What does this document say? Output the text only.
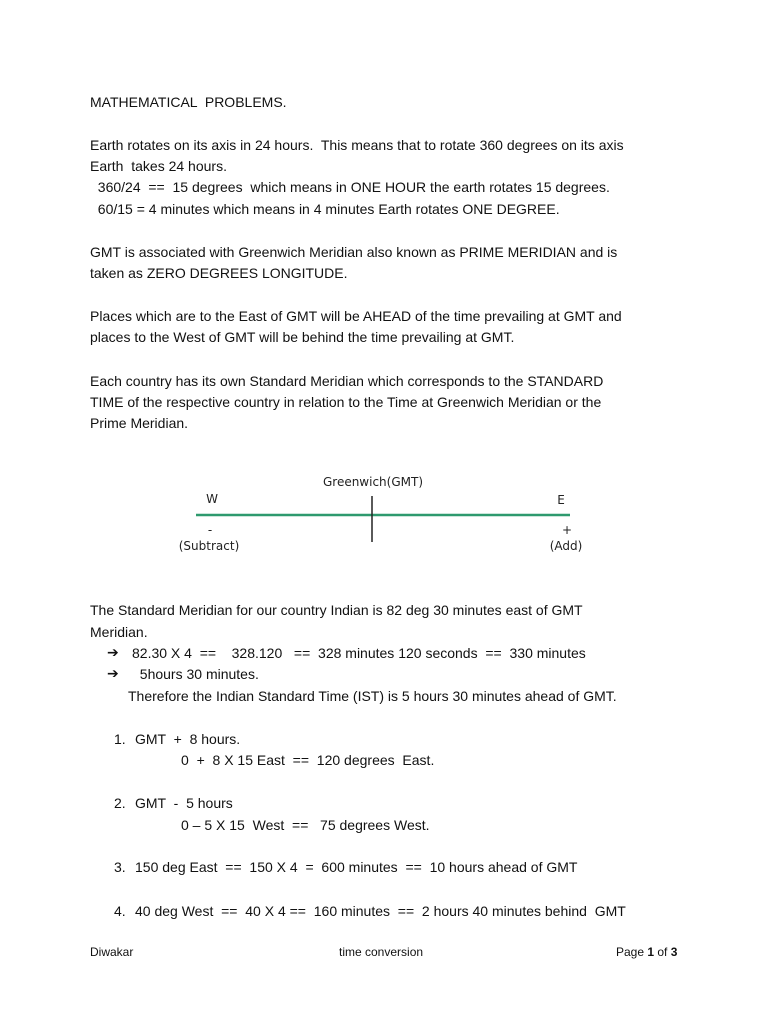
MATHEMATICAL  PROBLEMS.
Earth rotates on its axis in 24 hours.  This means that to rotate 360 degrees on its axis
Earth  takes 24 hours.
360/24  ==  15 degrees  which means in ONE HOUR the earth rotates 15 degrees.
60/15 = 4 minutes which means in 4 minutes Earth rotates ONE DEGREE.
GMT is associated with Greenwich Meridian also known as PRIME MERIDIAN and is
taken as ZERO DEGREES LONGITUDE.
Places which are to the East of GMT will be AHEAD of the time prevailing at GMT and
places to the West of GMT will be behind the time prevailing at GMT.
Each country has its own Standard Meridian which corresponds to the STANDARD
TIME of the respective country in relation to the Time at Greenwich Meridian or the
Prime Meridian.
Greenwich(GMT)
W	E
-	+
(Subtract)	(Add)
The Standard Meridian for our country Indian is 82 deg 30 minutes east of GMT
Meridian.
➔ 82.30 X 4  ==    328.120   ==  328 minutes 120 seconds  ==  330 minutes
➔ 5hours 30 minutes.
Therefore the Indian Standard Time (IST) is 5 hours 30 minutes ahead of GMT.
1. GMT  +  8 hours.
0  +  8 X 15 East  ==  120 degrees  East.
2. GMT  -  5 hours
0 – 5 X 15  West  ==   75 degrees West.
3. 150 deg East  ==  150 X 4  =  600 minutes  ==  10 hours ahead of GMT
4. 40 deg West  ==  40 X 4 ==  160 minutes  ==  2 hours 40 minutes behind  GMT
Diwakar	time conversion	Page 1 of 3
